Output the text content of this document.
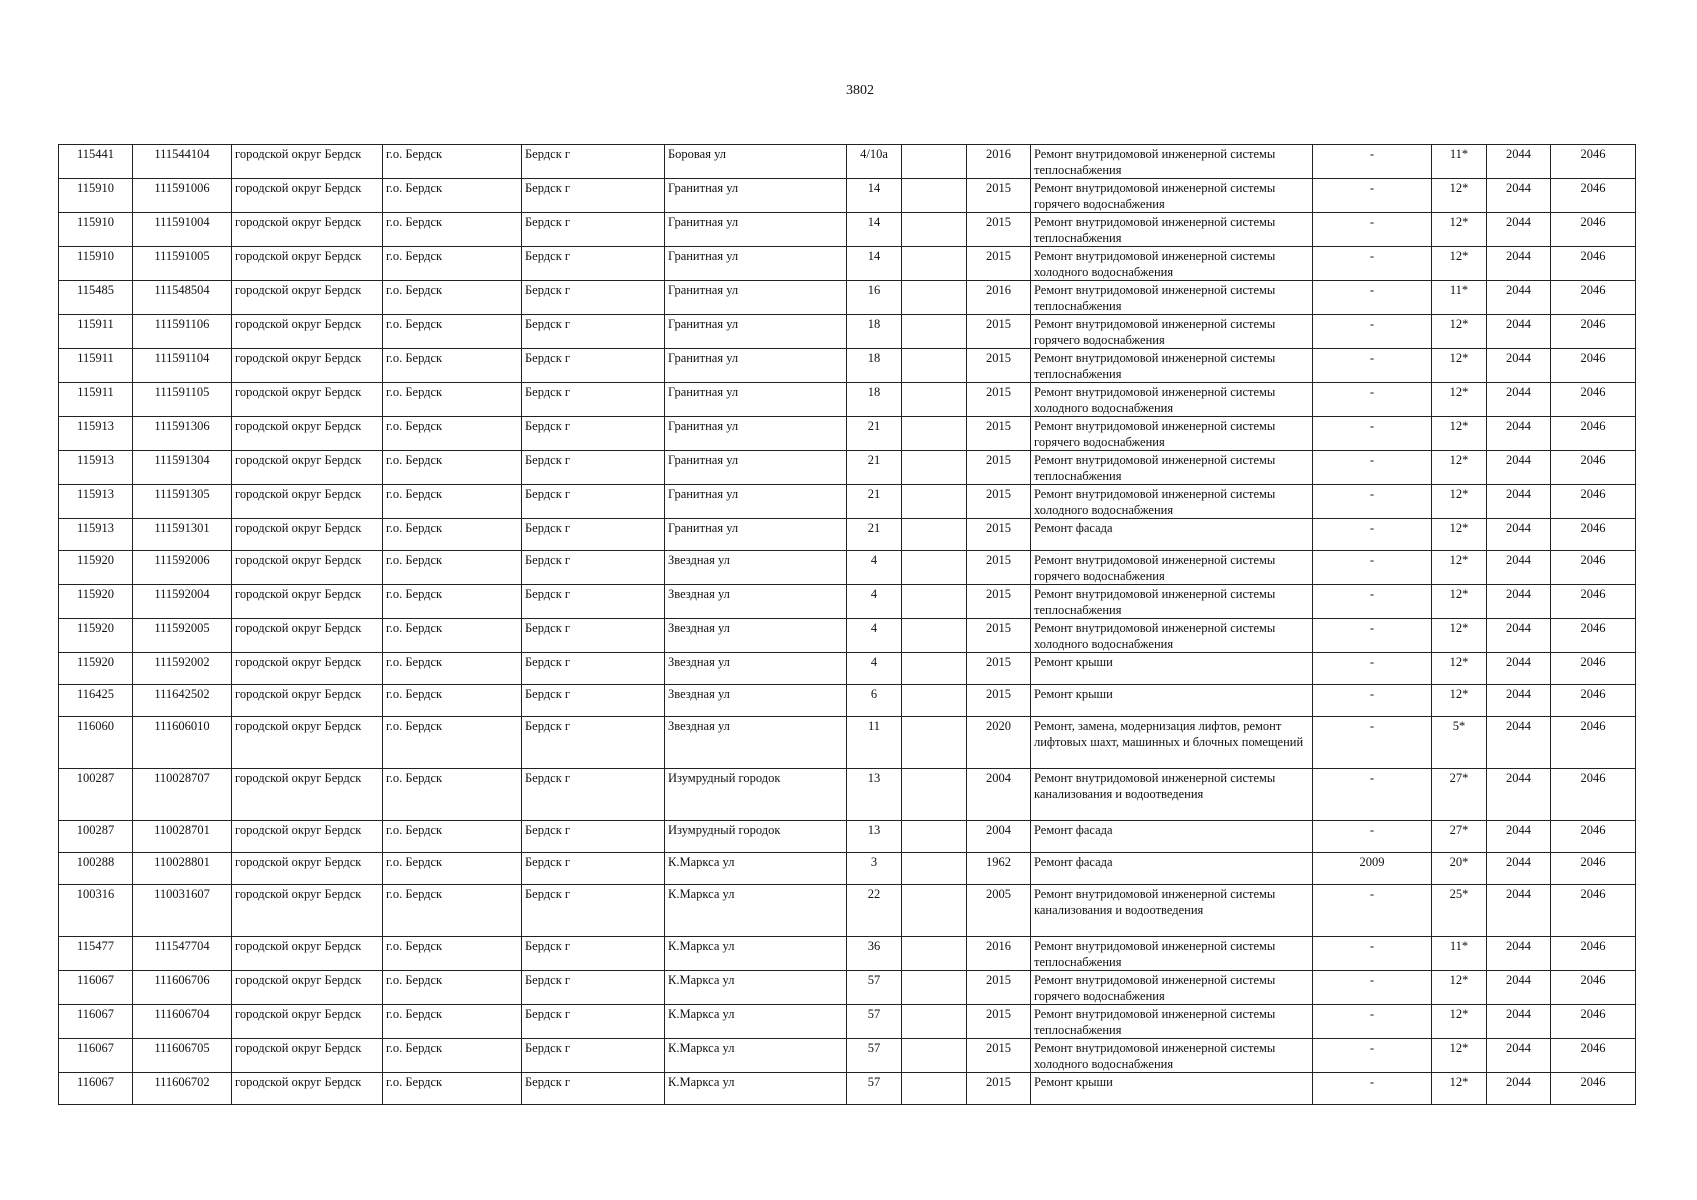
3802
115441	111544104	городской округ Бердск	г.о. Бердск	Бердск г	Боровая ул	4/10а		2016	Ремонт внутридомовой инженерной системы теплоснабжения	-	11*	2044	2046
115910	111591006	городской округ Бердск	г.о. Бердск	Бердск г	Гранитная ул	14		2015	Ремонт внутридомовой инженерной системы горячего водоснабжения	-	12*	2044	2046
115910	111591004	городской округ Бердск	г.о. Бердск	Бердск г	Гранитная ул	14		2015	Ремонт внутридомовой инженерной системы теплоснабжения	-	12*	2044	2046
115910	111591005	городской округ Бердск	г.о. Бердск	Бердск г	Гранитная ул	14		2015	Ремонт внутридомовой инженерной системы холодного водоснабжения	-	12*	2044	2046
115485	111548504	городской округ Бердск	г.о. Бердск	Бердск г	Гранитная ул	16		2016	Ремонт внутридомовой инженерной системы теплоснабжения	-	11*	2044	2046
115911	111591106	городской округ Бердск	г.о. Бердск	Бердск г	Гранитная ул	18		2015	Ремонт внутридомовой инженерной системы горячего водоснабжения	-	12*	2044	2046
115911	111591104	городской округ Бердск	г.о. Бердск	Бердск г	Гранитная ул	18		2015	Ремонт внутридомовой инженерной системы теплоснабжения	-	12*	2044	2046
115911	111591105	городской округ Бердск	г.о. Бердск	Бердск г	Гранитная ул	18		2015	Ремонт внутридомовой инженерной системы холодного водоснабжения	-	12*	2044	2046
115913	111591306	городской округ Бердск	г.о. Бердск	Бердск г	Гранитная ул	21		2015	Ремонт внутридомовой инженерной системы горячего водоснабжения	-	12*	2044	2046
115913	111591304	городской округ Бердск	г.о. Бердск	Бердск г	Гранитная ул	21		2015	Ремонт внутридомовой инженерной системы теплоснабжения	-	12*	2044	2046
115913	111591305	городской округ Бердск	г.о. Бердск	Бердск г	Гранитная ул	21		2015	Ремонт внутридомовой инженерной системы холодного водоснабжения	-	12*	2044	2046
115913	111591301	городской округ Бердск	г.о. Бердск	Бердск г	Гранитная ул	21		2015	Ремонт фасада	-	12*	2044	2046
115920	111592006	городской округ Бердск	г.о. Бердск	Бердск г	Звездная ул	4		2015	Ремонт внутридомовой инженерной системы горячего водоснабжения	-	12*	2044	2046
115920	111592004	городской округ Бердск	г.о. Бердск	Бердск г	Звездная ул	4		2015	Ремонт внутридомовой инженерной системы теплоснабжения	-	12*	2044	2046
115920	111592005	городской округ Бердск	г.о. Бердск	Бердск г	Звездная ул	4		2015	Ремонт внутридомовой инженерной системы холодного водоснабжения	-	12*	2044	2046
115920	111592002	городской округ Бердск	г.о. Бердск	Бердск г	Звездная ул	4		2015	Ремонт крыши	-	12*	2044	2046
116425	111642502	городской округ Бердск	г.о. Бердск	Бердск г	Звездная ул	6		2015	Ремонт крыши	-	12*	2044	2046
116060	111606010	городской округ Бердск	г.о. Бердск	Бердск г	Звездная ул	11		2020	Ремонт, замена, модернизация лифтов, ремонт лифтовых шахт, машинных и блочных помещений	-	5*	2044	2046
100287	110028707	городской округ Бердск	г.о. Бердск	Бердск г	Изумрудный городок	13		2004	Ремонт внутридомовой инженерной системы канализования и водоотведения	-	27*	2044	2046
100287	110028701	городской округ Бердск	г.о. Бердск	Бердск г	Изумрудный городок	13		2004	Ремонт фасада	-	27*	2044	2046
100288	110028801	городской округ Бердск	г.о. Бердск	Бердск г	К.Маркса ул	3		1962	Ремонт фасада	2009	20*	2044	2046
100316	110031607	городской округ Бердск	г.о. Бердск	Бердск г	К.Маркса ул	22		2005	Ремонт внутридомовой инженерной системы канализования и водоотведения	-	25*	2044	2046
115477	111547704	городской округ Бердск	г.о. Бердск	Бердск г	К.Маркса ул	36		2016	Ремонт внутридомовой инженерной системы теплоснабжения	-	11*	2044	2046
116067	111606706	городской округ Бердск	г.о. Бердск	Бердск г	К.Маркса ул	57		2015	Ремонт внутридомовой инженерной системы горячего водоснабжения	-	12*	2044	2046
116067	111606704	городской округ Бердск	г.о. Бердск	Бердск г	К.Маркса ул	57		2015	Ремонт внутридомовой инженерной системы теплоснабжения	-	12*	2044	2046
116067	111606705	городской округ Бердск	г.о. Бердск	Бердск г	К.Маркса ул	57		2015	Ремонт внутридомовой инженерной системы холодного водоснабжения	-	12*	2044	2046
116067	111606702	городской округ Бердск	г.о. Бердск	Бердск г	К.Маркса ул	57		2015	Ремонт крыши	-	12*	2044	2046
